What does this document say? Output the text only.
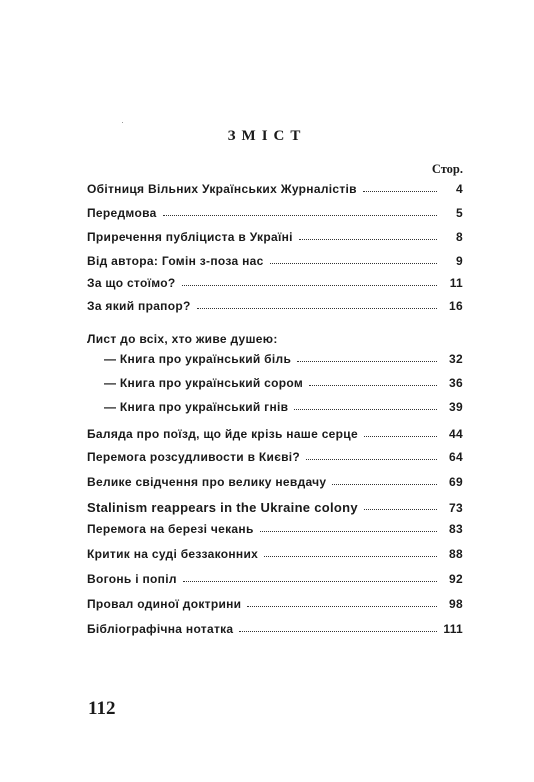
ЗМІСТ
Стор.
Обітниця Вільних Українських Журналістів	4
Передмова	5
Приречення публіциста в Україні	8
Від автора: Гомін з-поза нас	9
За що стоїмо?	11
За який прапор?	16
Лист до всіх, хто живе душею:
— Книга про український біль	32
— Книга про український сором	36
— Книга про український гнів	39
Баляда про поїзд, що йде крізь наше серце	44
Перемога розсудливости в Києві?	64
Велике свідчення про велику невдачу	69
Stalinism reappears in the Ukraine colony	73
Перемога на березі чекань	83
Критик на суді беззаконних	88
Вогонь і попіл	92
Провал одиної доктрини	98
Бібліографічна нотатка	111
112
